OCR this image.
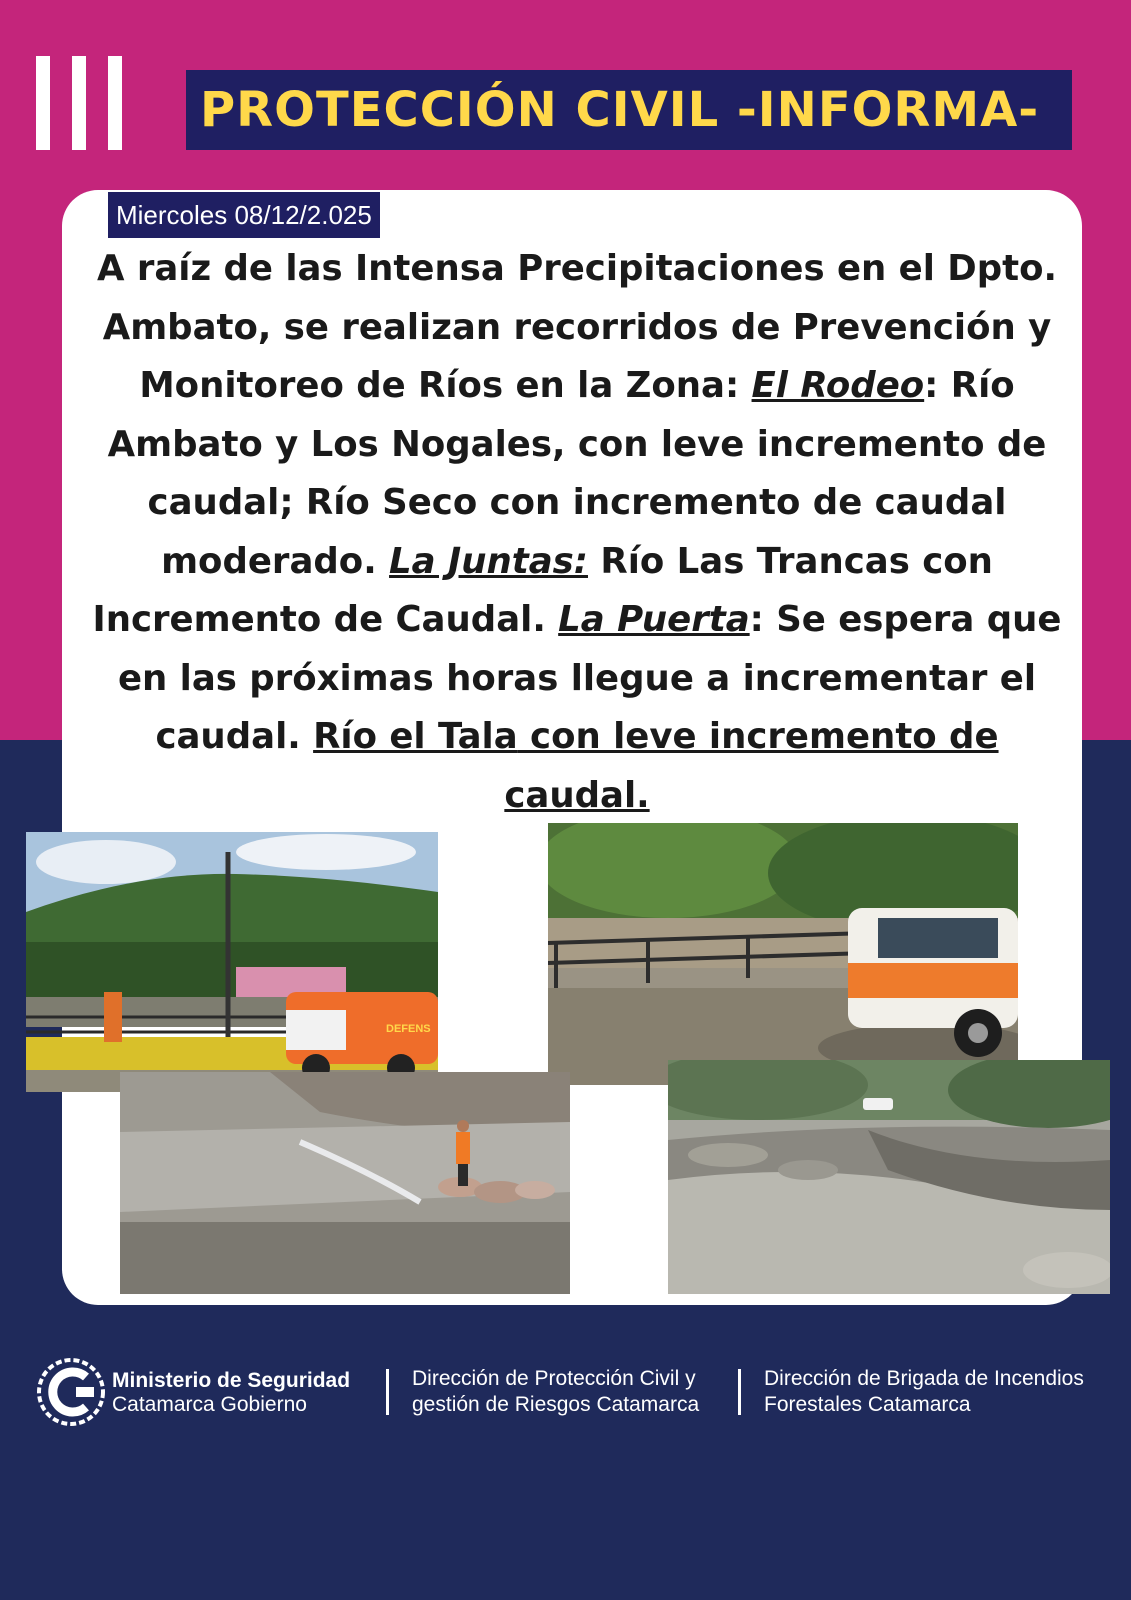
PROTECCIÓN CIVIL -INFORMA-
Miercoles 08/12/2.025

A raíz de las Intensa Precipitaciones en el Dpto. Ambato, se realizan recorridos de Prevención y Monitoreo de Ríos en la Zona: El Rodeo: Río Ambato y Los Nogales, con leve incremento de caudal; Río Seco con incremento de caudal moderado. La Juntas: Río Las Trancas con Incremento de Caudal. La Puerta: Se espera que en las próximas horas llegue a incrementar el caudal. Río el Tala con leve incremento de caudal.

DEFENS
Ministerio de Seguridad
Catamarca Gobierno
Dirección de Protección Civil y
gestión de Riesgos Catamarca
Dirección de Brigada de Incendios
Forestales Catamarca
